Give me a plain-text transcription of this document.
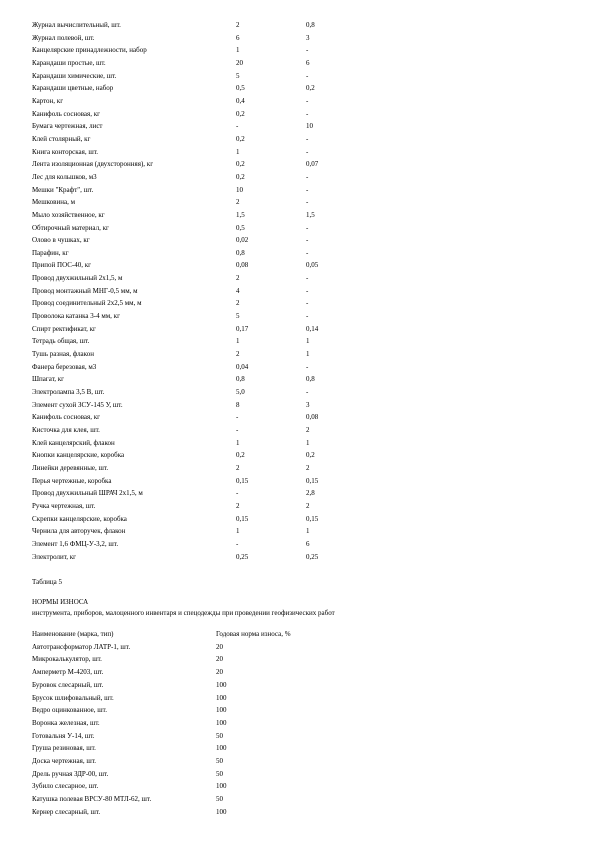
Журнал вычислительный, шт.	2	0,8
Журнал полевой, шт.	6	3
Канцелярские принадлежности, набор	1	-
Карандаши простые, шт.	20	6
Карандаши химические, шт.	5	-
Карандаши цветные, набор	0,5	0,2
Картон, кг	0,4	-
Канифоль сосновая, кг	0,2	-
Бумага чертежная, лист	-	10
Клей столярный, кг	0,2	-
Книга конторская, шт.	1	-
Лента изоляционная (двухсторонняя), кг	0,2	0,07
Лес для кольшков, м3	0,2	-
Мешки "Крафт", шт.	10	-
Мешковина, м	2	-
Мыло хозяйственное, кг	1,5	1,5
Обтирочный материал, кг	0,5	-
Олово в чушках, кг	0,02	-
Парафин, кг	0,8	-
Припой ПОС-40, кг	0,08	0,05
Провод двухжильный 2х1,5, м	2	-
Провод монтажный МНГ-0,5 мм, м	4	-
Провод соединительный 2х2,5 мм, м	2	-
Проволока катанка 3-4 мм, кг	5	-
Спирт ректификат, кг	0,17	0,14
Тетрадь общая, шт.	1	1
Тушь разная, флакон	2	1
Фанера березовая, м3	0,04	-
Шпагат, кг	0,8	0,8
Электролампа 3,5 В, шт.	5,0	-
Элемент сухой ЗСУ-145 У, шт.	8	3
Канифоль сосновая, кг	-	0,08
Кисточка для клея, шт.	-	2
Клей канцелярский, флакон	1	1
Кнопки канцелярские, коробка	0,2	0,2
Линейки деревянные, шт.	2	2
Перья чертежные, коробка	0,15	0,15
Провод двухжильный ШРАЧ 2х1,5, м	-	2,8
Ручка чертежная, шт.	2	2
Скрепки канцелярские, коробка	0,15	0,15
Чернила для авторучек, флакон	1	1
Элемент 1,6 ФМЦ-У-3,2, шт.	-	6
Электролит, кг	0,25	0,25
Таблица 5
НОРМЫ ИЗНОСА
инструмента, приборов, малоценного инвентаря и спецодежды при проведении геофизических работ
Наименование (марка, тип)	Годовая норма износа, %
Автотрансформатор ЛАТР-1, шт.	20
Микрокалькулятор, шт.	20
Амперметр М-4203, шт.	20
Буровок слесарный, шт.	100
Брусок шлифовальный, шт.	100
Ведро оцинкованное, шт.	100
Воронка железная, шт.	100
Готовальня У-14, шт.	50
Груша резиновая, шт.	100
Доска чертежная, шт.	50
Дрель ручная ЗДР-00, шт.	50
Зубило слесарное, шт.	100
Катушка полевая ВРСУ-80 МТЛ-62, шт.	50
Кернер слесарный, шт.	100
